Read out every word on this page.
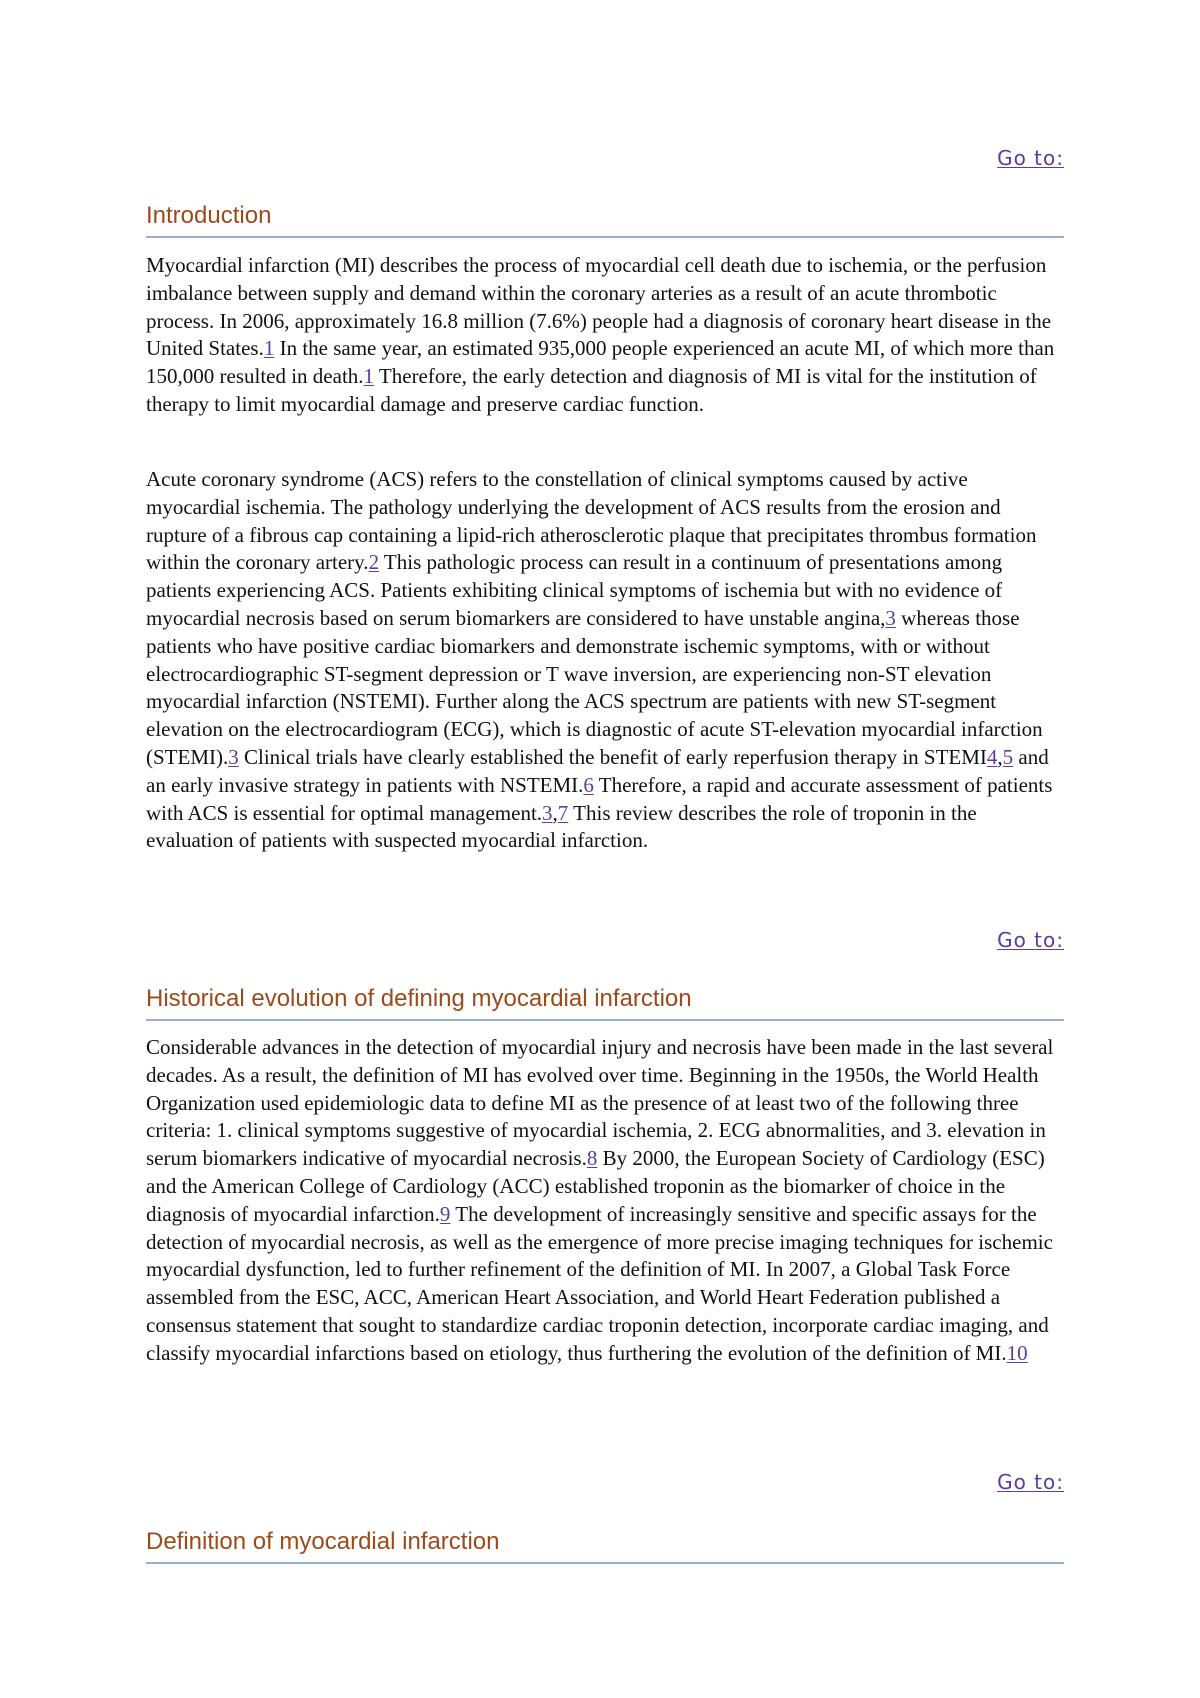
Go to:
Introduction

Myocardial infarction (MI) describes the process of myocardial cell death due to ischemia, or the perfusion imbalance between supply and demand within the coronary arteries as a result of an acute thrombotic process. In 2006, approximately 16.8 million (7.6%) people had a diagnosis of coronary heart disease in the United States.1 In the same year, an estimated 935,000 people experienced an acute MI, of which more than 150,000 resulted in death.1 Therefore, the early detection and diagnosis of MI is vital for the institution of therapy to limit myocardial damage and preserve cardiac function.

Acute coronary syndrome (ACS) refers to the constellation of clinical symptoms caused by active myocardial ischemia. The pathology underlying the development of ACS results from the erosion and rupture of a fibrous cap containing a lipid-rich atherosclerotic plaque that precipitates thrombus formation within the coronary artery.2 This pathologic process can result in a continuum of presentations among patients experiencing ACS. Patients exhibiting clinical symptoms of ischemia but with no evidence of myocardial necrosis based on serum biomarkers are considered to have unstable angina,3 whereas those patients who have positive cardiac biomarkers and demonstrate ischemic symptoms, with or without electrocardiographic ST-segment depression or T wave inversion, are experiencing non-ST elevation myocardial infarction (NSTEMI). Further along the ACS spectrum are patients with new ST-segment elevation on the electrocardiogram (ECG), which is diagnostic of acute ST-elevation myocardial infarction (STEMI).3 Clinical trials have clearly established the benefit of early reperfusion therapy in STEMI4,5 and an early invasive strategy in patients with NSTEMI.6 Therefore, a rapid and accurate assessment of patients with ACS is essential for optimal management.3,7 This review describes the role of troponin in the evaluation of patients with suspected myocardial infarction.

Go to:
Historical evolution of defining myocardial infarction

Considerable advances in the detection of myocardial injury and necrosis have been made in the last several decades. As a result, the definition of MI has evolved over time. Beginning in the 1950s, the World Health Organization used epidemiologic data to define MI as the presence of at least two of the following three criteria: 1. clinical symptoms suggestive of myocardial ischemia, 2. ECG abnormalities, and 3. elevation in serum biomarkers indicative of myocardial necrosis.8 By 2000, the European Society of Cardiology (ESC) and the American College of Cardiology (ACC) established troponin as the biomarker of choice in the diagnosis of myocardial infarction.9 The development of increasingly sensitive and specific assays for the detection of myocardial necrosis, as well as the emergence of more precise imaging techniques for ischemic myocardial dysfunction, led to further refinement of the definition of MI. In 2007, a Global Task Force assembled from the ESC, ACC, American Heart Association, and World Heart Federation published a consensus statement that sought to standardize cardiac troponin detection, incorporate cardiac imaging, and classify myocardial infarctions based on etiology, thus furthering the evolution of the definition of MI.10

Go to:
Definition of myocardial infarction
